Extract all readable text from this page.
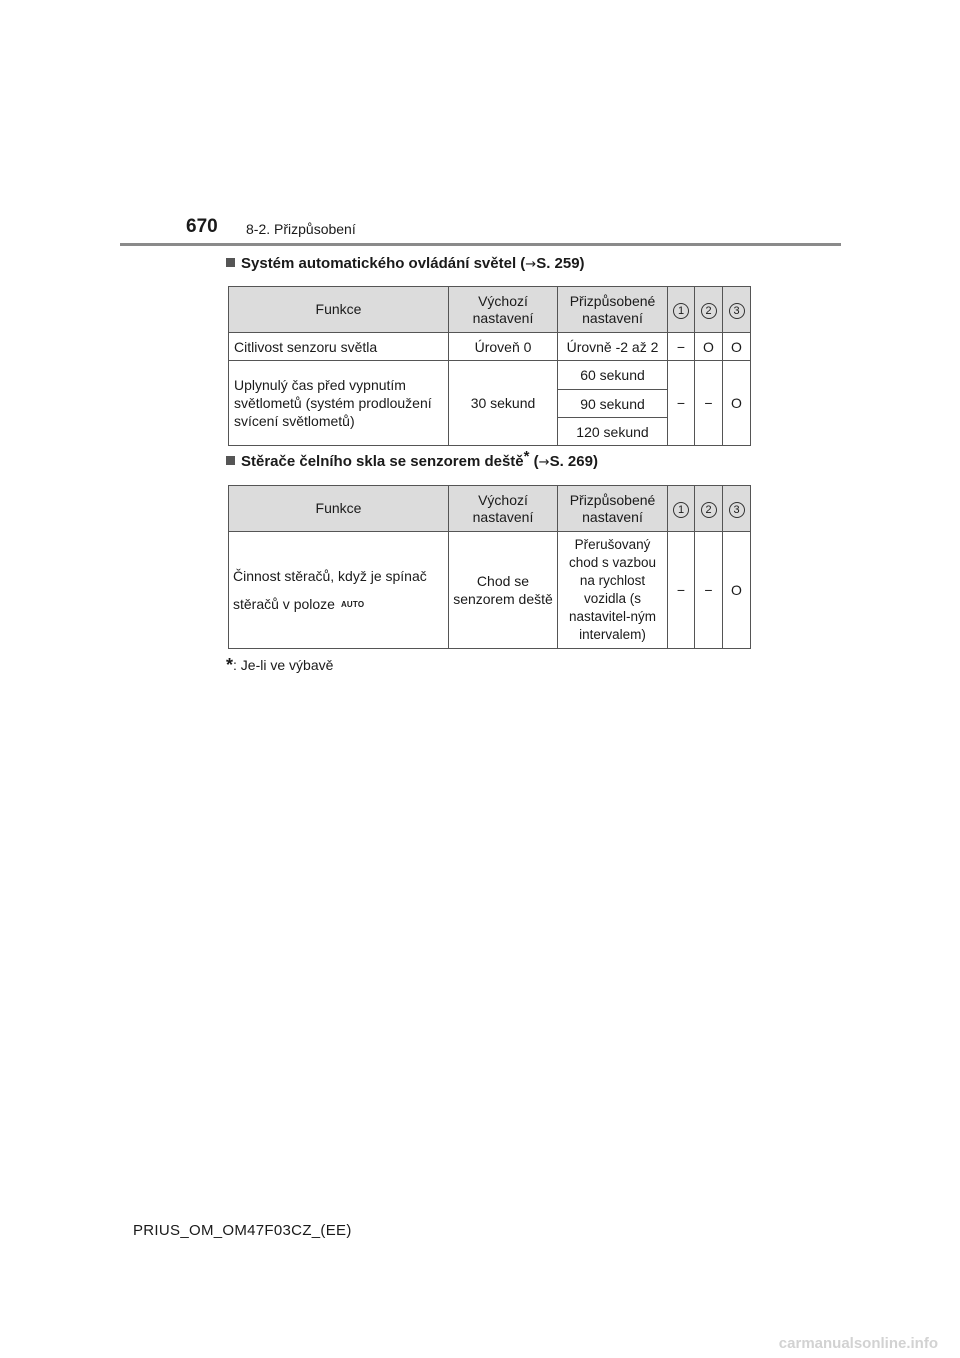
670 8-2. Přizpůsobení
Systém automatického ovládání světel (→S. 259)
Funkce	Výchozí nastavení	Přizpůsobené nastavení	1	2	3
Citlivost senzoru světla	Úroveň 0	Úrovně -2 až 2	−	O	O
Uplynulý čas před vypnutím světlometů (systém prodloužení svícení světlometů)	30 sekund	60 sekund	−	−	O
		90 sekund			
		120 sekund			
Stěrače čelního skla se senzorem deště* (→S. 269)
Funkce	Výchozí nastavení	Přizpůsobené nastavení	1	2	3

Činnost stěračů, když je spínač
stěračů v poloze AUTO	Chod se senzorem deště	Přerušovaný chod s vazbou na rychlost vozidla (s nastavitel-ným intervalem)	−	−	O
*: Je-li ve výbavě
PRIUS_OM_OM47F03CZ_(EE)
carmanualsonline.info
